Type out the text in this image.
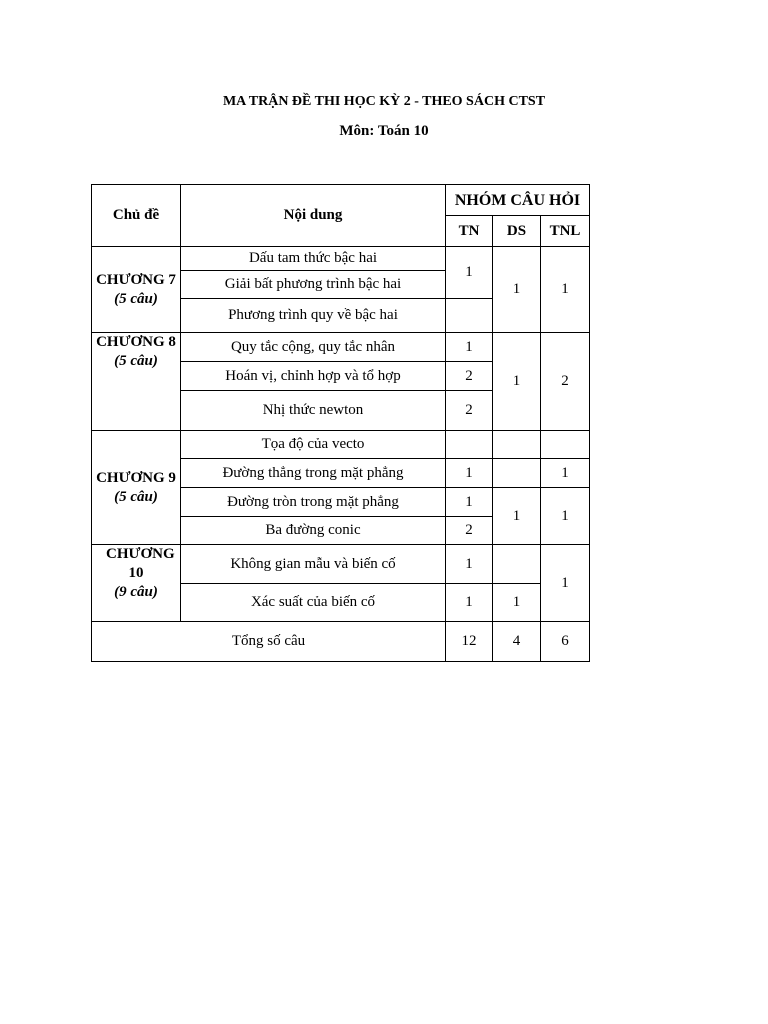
MA TRẬN ĐỀ THI HỌC KỲ 2 - THEO SÁCH CTST
Môn: Toán 10
Chủ đề	Nội dung	NHÓM CÂU HỎI		
		TN	DS	TNL

CHƯƠNG 7
(5 câu)	Dấu tam thức bậc hai	1	1	1
	Giải bất phương trình bậc hai			
	Phương trình quy về bậc hai			

CHƯƠNG 8
(5 câu)	Quy tắc cộng, quy tắc nhân	1	1	2
	Hoán vị, chỉnh hợp và tổ hợp	2		
	Nhị thức newton	2		

CHƯƠNG 9
(5 câu)	Tọa độ của vecto			
	Đường thẳng trong mặt phẳng	1		1
	Đường tròn trong mặt phẳng	1	1	1
	Ba đường conic	2		

CHƯƠNG 10
(9 câu)	Không gian mẫu và biến cố	1		1
	Xác suất của biến cố	1	1	
Tổng số câu		12	4	6
